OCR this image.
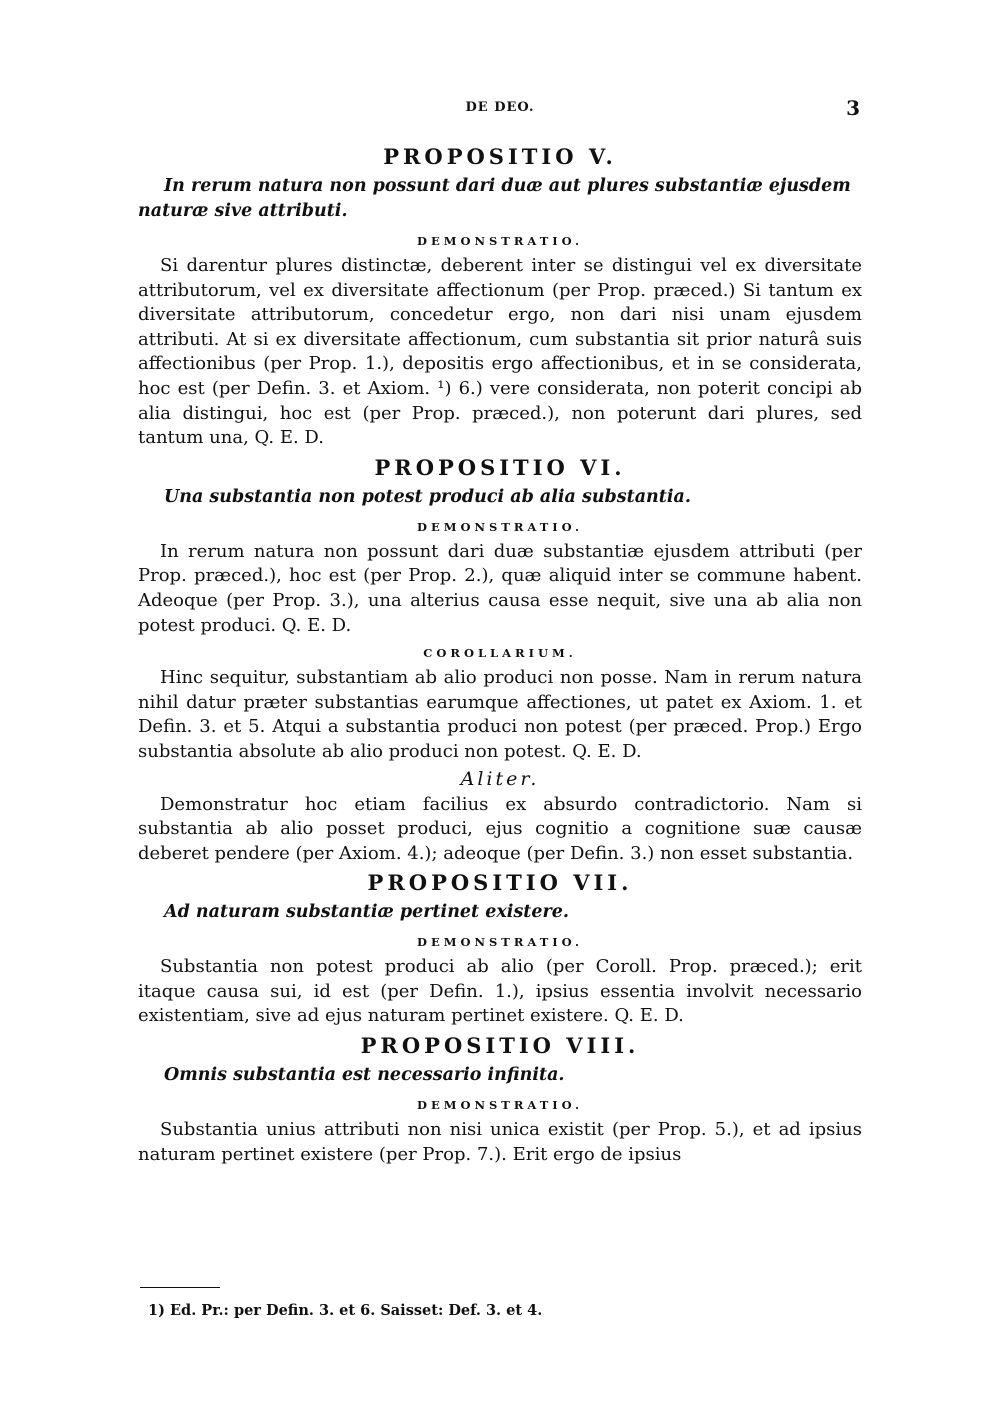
DE DEO.	3
PROPOSITIO V.

In rerum natura non possunt dari duæ aut plures substantiæ ejusdem naturæ sive attributi.

DEMONSTRATIO.

Si darentur plures distinctæ, deberent inter se distingui vel ex diversitate attributorum, vel ex diversitate affectionum (per Prop. præced.) Si tantum ex diversitate attributorum, concedetur ergo, non dari nisi unam ejusdem attributi. At si ex diversitate affectionum, cum substantia sit prior naturâ suis affectionibus (per Prop. 1.), depositis ergo affectionibus, et in se considerata, hoc est (per Defin. 3. et Axiom. ¹) 6.) vere considerata, non poterit concipi ab alia distingui, hoc est (per Prop. præced.), non poterunt dari plures, sed tantum una, Q. E. D.

PROPOSITIO VI.

Una substantia non potest produci ab alia substantia.

DEMONSTRATIO.

In rerum natura non possunt dari duæ substantiæ ejusdem attributi (per Prop. præced.), hoc est (per Prop. 2.), quæ aliquid inter se commune habent. Adeoque (per Prop. 3.), una alterius causa esse nequit, sive una ab alia non potest produci. Q. E. D.

COROLLARIUM.

Hinc sequitur, substantiam ab alio produci non posse. Nam in rerum natura nihil datur præter substantias earumque affectiones, ut patet ex Axiom. 1. et Defin. 3. et 5. Atqui a substantia produci non potest (per præced. Prop.) Ergo substantia absolute ab alio produci non potest. Q. E. D.

Aliter.

Demonstratur hoc etiam facilius ex absurdo contradictorio. Nam si substantia ab alio posset produci, ejus cognitio a cognitione suæ causæ deberet pendere (per Axiom. 4.); adeoque (per Defin. 3.) non esset substantia.

PROPOSITIO VII.

Ad naturam substantiæ pertinet existere.

DEMONSTRATIO.

Substantia non potest produci ab alio (per Coroll. Prop. præced.); erit itaque causa sui, id est (per Defin. 1.), ipsius essentia involvit necessario existentiam, sive ad ejus naturam pertinet existere. Q. E. D.

PROPOSITIO VIII.

Omnis substantia est necessario infinita.

DEMONSTRATIO.

Substantia unius attributi non nisi unica existit (per Prop. 5.), et ad ipsius naturam pertinet existere (per Prop. 7.). Erit ergo de ipsius

1) Ed. Pr.: per Defin. 3. et 6. Saisset: Def. 3. et 4.
